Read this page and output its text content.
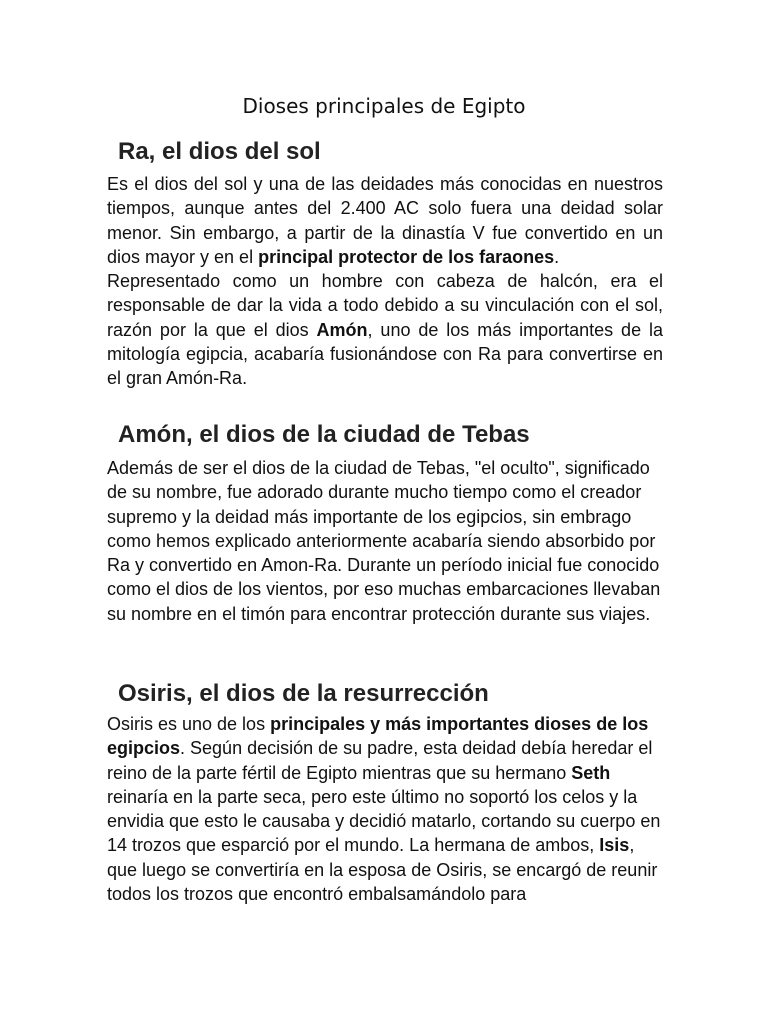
Dioses principales de Egipto
Ra, el dios del sol
Es el dios del sol y una de las deidades más conocidas en nuestros tiempos, aunque antes del 2.400 AC solo fuera una deidad solar menor. Sin embargo, a partir de la dinastía V fue convertido en un dios mayor y en el principal protector de los faraones.
Representado como un hombre con cabeza de halcón, era el responsable de dar la vida a todo debido a su vinculación con el sol, razón por la que el dios Amón, uno de los más importantes de la mitología egipcia, acabaría fusionándose con Ra para convertirse en el gran Amón-Ra.
Amón, el dios de la ciudad de Tebas
Además de ser el dios de la ciudad de Tebas, "el oculto", significado de su nombre, fue adorado durante mucho tiempo como el creador supremo y la deidad más importante de los egipcios, sin embrago como hemos explicado anteriormente acabaría siendo absorbido por Ra y convertido en Amon-Ra. Durante un período inicial fue conocido como el dios de los vientos, por eso muchas embarcaciones llevaban su nombre en el timón para encontrar protección durante sus viajes.
Osiris, el dios de la resurrección
Osiris es uno de los principales y más importantes dioses de los egipcios. Según decisión de su padre, esta deidad debía heredar el reino de la parte fértil de Egipto mientras que su hermano Seth reinaría en la parte seca, pero este último no soportó los celos y la envidia que esto le causaba y decidió matarlo, cortando su cuerpo en 14 trozos que esparció por el mundo. La hermana de ambos, Isis, que luego se convertiría en la esposa de Osiris, se encargó de reunir todos los trozos que encontró embalsamándolo para
